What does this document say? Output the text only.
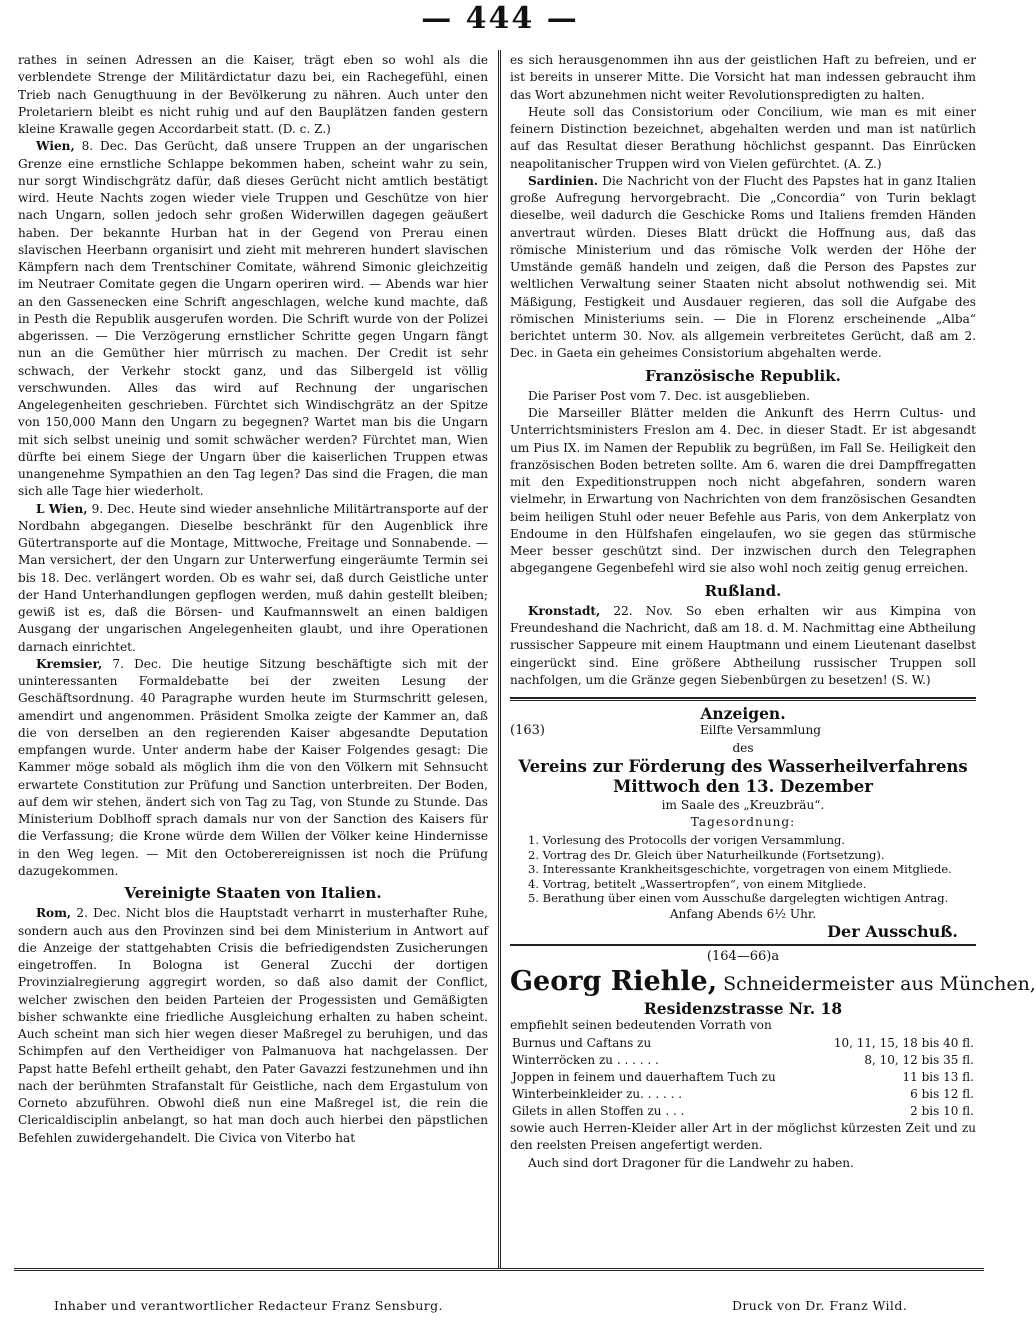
— 444 —

rathes in seinen Adressen an die Kaiser, trägt eben so wohl als die verblendete Strenge der Militärdictatur dazu bei, ein Rachegefühl, einen Trieb nach Genugthuung in der Bevölkerung zu nähren. Auch unter den Proletariern bleibt es nicht ruhig und auf den Bauplätzen fanden gestern kleine Krawalle gegen Accordarbeit statt. (D. c. Z.)

Wien, 8. Dec. Das Gerücht, daß unsere Truppen an der ungarischen Grenze eine ernstliche Schlappe bekommen haben, scheint wahr zu sein, nur sorgt Windischgrätz dafür, daß dieses Gerücht nicht amtlich bestätigt wird. Heute Nachts zogen wieder viele Truppen und Geschütze von hier nach Ungarn, sollen jedoch sehr großen Widerwillen dagegen geäußert haben. Der bekannte Hurban hat in der Gegend von Prerau einen slavischen Heerbann organisirt und zieht mit mehreren hundert slavischen Kämpfern nach dem Trentschiner Comitate, während Simonic gleichzeitig im Neutraer Comitate gegen die Ungarn operiren wird. — Abends war hier an den Gassenecken eine Schrift angeschlagen, welche kund machte, daß in Pesth die Republik ausgerufen worden. Die Schrift wurde von der Polizei abgerissen. — Die Verzögerung ernstlicher Schritte gegen Ungarn fängt nun an die Gemüther hier mürrisch zu machen. Der Credit ist sehr schwach, der Verkehr stockt ganz, und das Silbergeld ist völlig verschwunden. Alles das wird auf Rechnung der ungarischen Angelegenheiten geschrieben. Fürchtet sich Windischgrätz an der Spitze von 150,000 Mann den Ungarn zu begegnen? Wartet man bis die Ungarn mit sich selbst uneinig und somit schwächer werden? Fürchtet man, Wien dürfte bei einem Siege der Ungarn über die kaiserlichen Truppen etwas unangenehme Sympathien an den Tag legen? Das sind die Fragen, die man sich alle Tage hier wiederholt.

L Wien, 9. Dec. Heute sind wieder ansehnliche Militärtransporte auf der Nordbahn abgegangen. Dieselbe beschränkt für den Augenblick ihre Gütertransporte auf die Montage, Mittwoche, Freitage und Sonnabende. — Man versichert, der den Ungarn zur Unterwerfung eingeräumte Termin sei bis 18. Dec. verlängert worden. Ob es wahr sei, daß durch Geistliche unter der Hand Unterhandlungen gepflogen werden, muß dahin gestellt bleiben; gewiß ist es, daß die Börsen- und Kaufmannswelt an einen baldigen Ausgang der ungarischen Angelegenheiten glaubt, und ihre Operationen darnach einrichtet.

Kremsier, 7. Dec. Die heutige Sitzung beschäftigte sich mit der uninteressanten Formaldebatte bei der zweiten Lesung der Geschäftsordnung. 40 Paragraphe wurden heute im Sturmschritt gelesen, amendirt und angenommen. Präsident Smolka zeigte der Kammer an, daß die von derselben an den regierenden Kaiser abgesandte Deputation empfangen wurde. Unter anderm habe der Kaiser Folgendes gesagt: Die Kammer möge sobald als möglich ihm die von den Völkern mit Sehnsucht erwartete Constitution zur Prüfung und Sanction unterbreiten. Der Boden, auf dem wir stehen, ändert sich von Tag zu Tag, von Stunde zu Stunde. Das Ministerium Doblhoff sprach damals nur von der Sanction des Kaisers für die Verfassung; die Krone würde dem Willen der Völker keine Hindernisse in den Weg legen. — Mit den Octoberereignissen ist noch die Prüfung dazugekommen.

Vereinigte Staaten von Italien.

Rom, 2. Dec. Nicht blos die Hauptstadt verharrt in musterhafter Ruhe, sondern auch aus den Provinzen sind bei dem Ministerium in Antwort auf die Anzeige der stattgehabten Crisis die befriedigendsten Zusicherungen eingetroffen. In Bologna ist General Zucchi der dortigen Provinzialregierung aggregirt worden, so daß also damit der Conflict, welcher zwischen den beiden Parteien der Progessisten und Gemäßigten bisher schwankte eine friedliche Ausgleichung erhalten zu haben scheint. Auch scheint man sich hier wegen dieser Maßregel zu beruhigen, und das Schimpfen auf den Vertheidiger von Palmanuova hat nachgelassen. Der Papst hatte Befehl ertheilt gehabt, den Pater Gavazzi festzunehmen und ihn nach der berühmten Strafanstalt für Geistliche, nach dem Ergastulum von Corneto abzuführen. Obwohl dieß nun eine Maßregel ist, die rein die Clericaldisciplin anbelangt, so hat man doch auch hierbei den päpstlichen Befehlen zuwidergehandelt. Die Civica von Viterbo hat

es sich herausgenommen ihn aus der geistlichen Haft zu befreien, und er ist bereits in unserer Mitte. Die Vorsicht hat man indessen gebraucht ihm das Wort abzunehmen nicht weiter Revolutionspredigten zu halten.

Heute soll das Consistorium oder Concilium, wie man es mit einer feinern Distinction bezeichnet, abgehalten werden und man ist natürlich auf das Resultat dieser Berathung höchlichst gespannt. Das Einrücken neapolitanischer Truppen wird von Vielen gefürchtet. (A. Z.)

Sardinien. Die Nachricht von der Flucht des Papstes hat in ganz Italien große Aufregung hervorgebracht. Die „Concordia“ von Turin beklagt dieselbe, weil dadurch die Geschicke Roms und Italiens fremden Händen anvertraut würden. Dieses Blatt drückt die Hoffnung aus, daß das römische Ministerium und das römische Volk werden der Höhe der Umstände gemäß handeln und zeigen, daß die Person des Papstes zur weltlichen Verwaltung seiner Staaten nicht absolut nothwendig sei. Mit Mäßigung, Festigkeit und Ausdauer regieren, das soll die Aufgabe des römischen Ministeriums sein. — Die in Florenz erscheinende „Alba“ berichtet unterm 30. Nov. als allgemein verbreitetes Gerücht, daß am 2. Dec. in Gaeta ein geheimes Consistorium abgehalten werde.

Französische Republik.

Die Pariser Post vom 7. Dec. ist ausgeblieben.

Die Marseiller Blätter melden die Ankunft des Herrn Cultus- und Unterrichtsministers Freslon am 4. Dec. in dieser Stadt. Er ist abgesandt um Pius IX. im Namen der Republik zu begrüßen, im Fall Se. Heiligkeit den französischen Boden betreten sollte. Am 6. waren die drei Dampffregatten mit den Expeditionstruppen noch nicht abgefahren, sondern waren vielmehr, in Erwartung von Nachrichten von dem französischen Gesandten beim heiligen Stuhl oder neuer Befehle aus Paris, von dem Ankerplatz von Endoume in den Hülfshafen eingelaufen, wo sie gegen das stürmische Meer besser geschützt sind. Der inzwischen durch den Telegraphen abgegangene Gegenbefehl wird sie also wohl noch zeitig genug erreichen.

Rußland.

Kronstadt, 22. Nov. So eben erhalten wir aus Kimpina von Freundeshand die Nachricht, daß am 18. d. M. Nachmittag eine Abtheilung russischer Sappeure mit einem Hauptmann und einem Lieutenant daselbst eingerückt sind. Eine größere Abtheilung russischer Truppen soll nachfolgen, um die Gränze gegen Siebenbürgen zu besetzen! (S. W.)

Anzeigen.
(163)	Eilfte Versammlung
des
Vereins zur Förderung des Wasserheilverfahrens
Mittwoch den 13. Dezember
im Saale des „Kreuzbräu“.
Tagesordnung:
1. Vorlesung des Protocolls der vorigen Versammlung.
2. Vortrag des Dr. Gleich über Naturheilkunde (Fortsetzung).
3. Interessante Krankheitsgeschichte, vorgetragen von einem Mitgliede.
4. Vortrag, betitelt „Wassertropfen“, von einem Mitgliede.
5. Berathung über einen vom Ausschuße dargelegten wichtigen Antrag.
Anfang Abends 6½ Uhr.
Der Ausschuß.
(164—66)a
Georg Riehle, Schneidermeister aus München,
Residenzstrasse Nr. 18

empfiehlt seinen bedeutenden Vorrath von

Burnus und Caftans zu	10, 11, 15, 18 bis 40 fl.
Winterröcken zu . . . . . .	8, 10, 12 bis 35 fl.
Joppen in feinem und dauerhaftem Tuch zu	11 bis 13 fl.
Winterbeinkleider zu. . . . . .	6 bis 12 fl.
Gilets in allen Stoffen zu . . .	2 bis 10 fl.

sowie auch Herren-Kleider aller Art in der möglichst kürzesten Zeit und zu den reelsten Preisen angefertigt werden.

Auch sind dort Dragoner für die Landwehr zu haben.

Inhaber und verantwortlicher Redacteur Franz Sensburg.	Druck von Dr. Franz Wild.
